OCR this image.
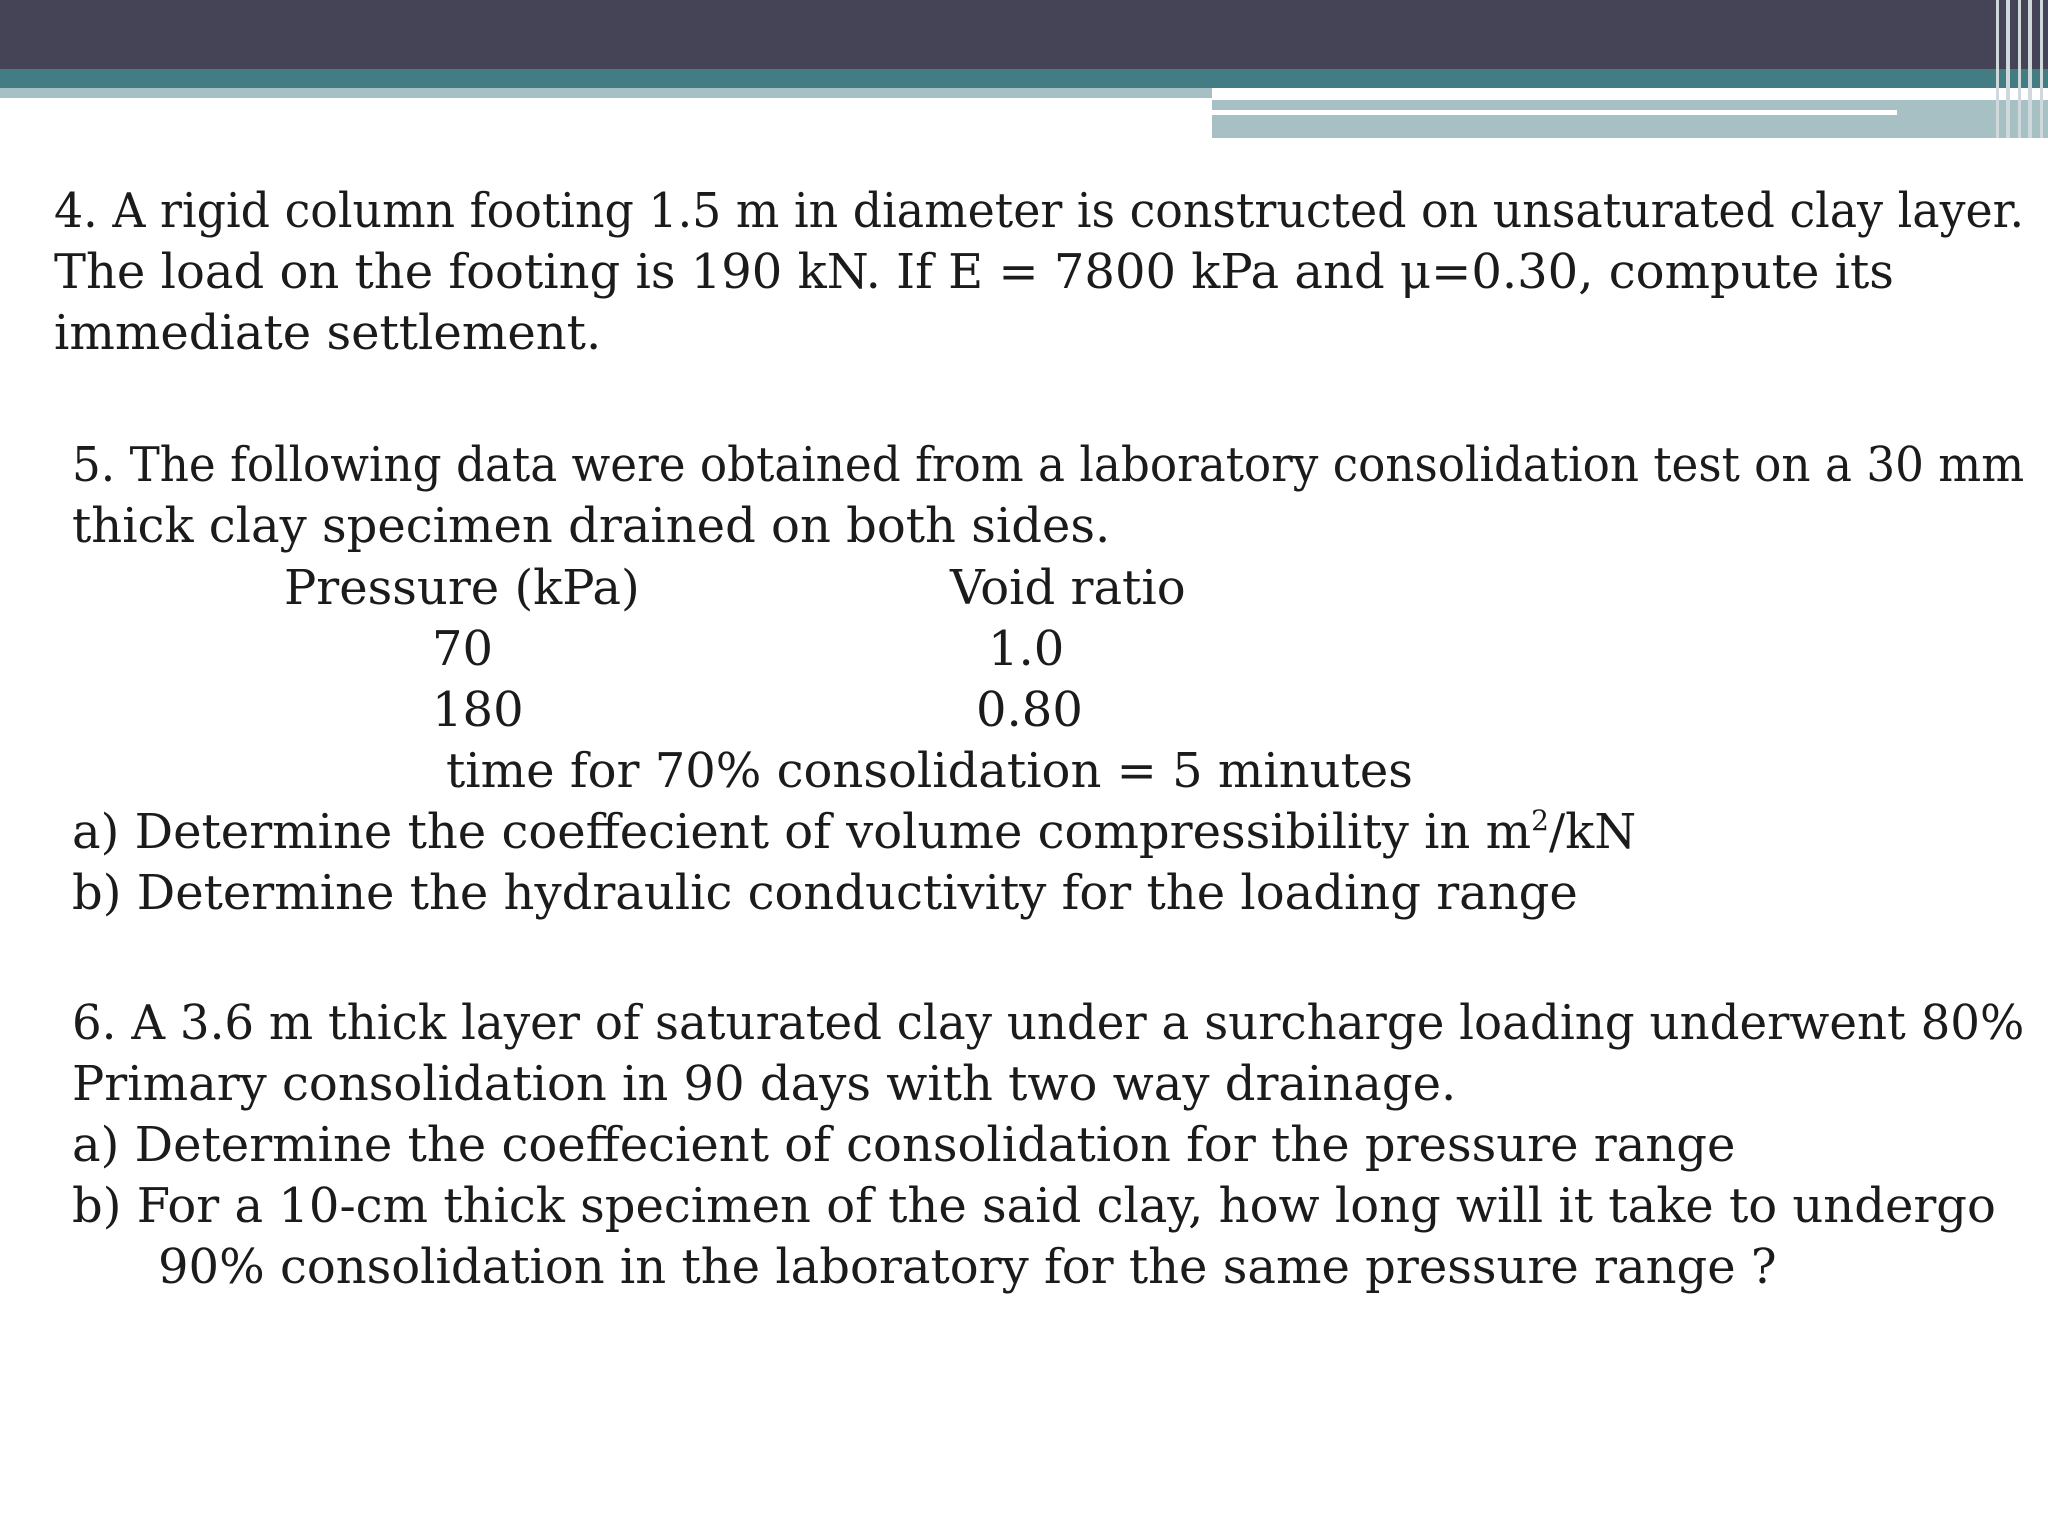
4. A rigid column footing 1.5 m in diameter is constructed on unsaturated clay layer.

The load on the footing is 190 kN. If E = 7800 kPa and μ=0.30, compute its

immediate settlement.

5. The following data were obtained from a laboratory consolidation test on a 30 mm

thick clay specimen drained on both sides.

Pressure (kPa)	Void ratio
70	1.0
180	0.80

time for 70% consolidation = 5 minutes

a) Determine the coeffecient of volume compressibility in $m^2/kN$

b) Determine the hydraulic conductivity for the loading range

6. A 3.6 m thick layer of saturated clay under a surcharge loading underwent 80%

Primary consolidation in 90 days with two way drainage.

a) Determine the coeffecient of consolidation for the pressure range

b) For a 10-cm thick specimen of the said clay, how long will it take to undergo

90% consolidation in the laboratory for the same pressure range ?
